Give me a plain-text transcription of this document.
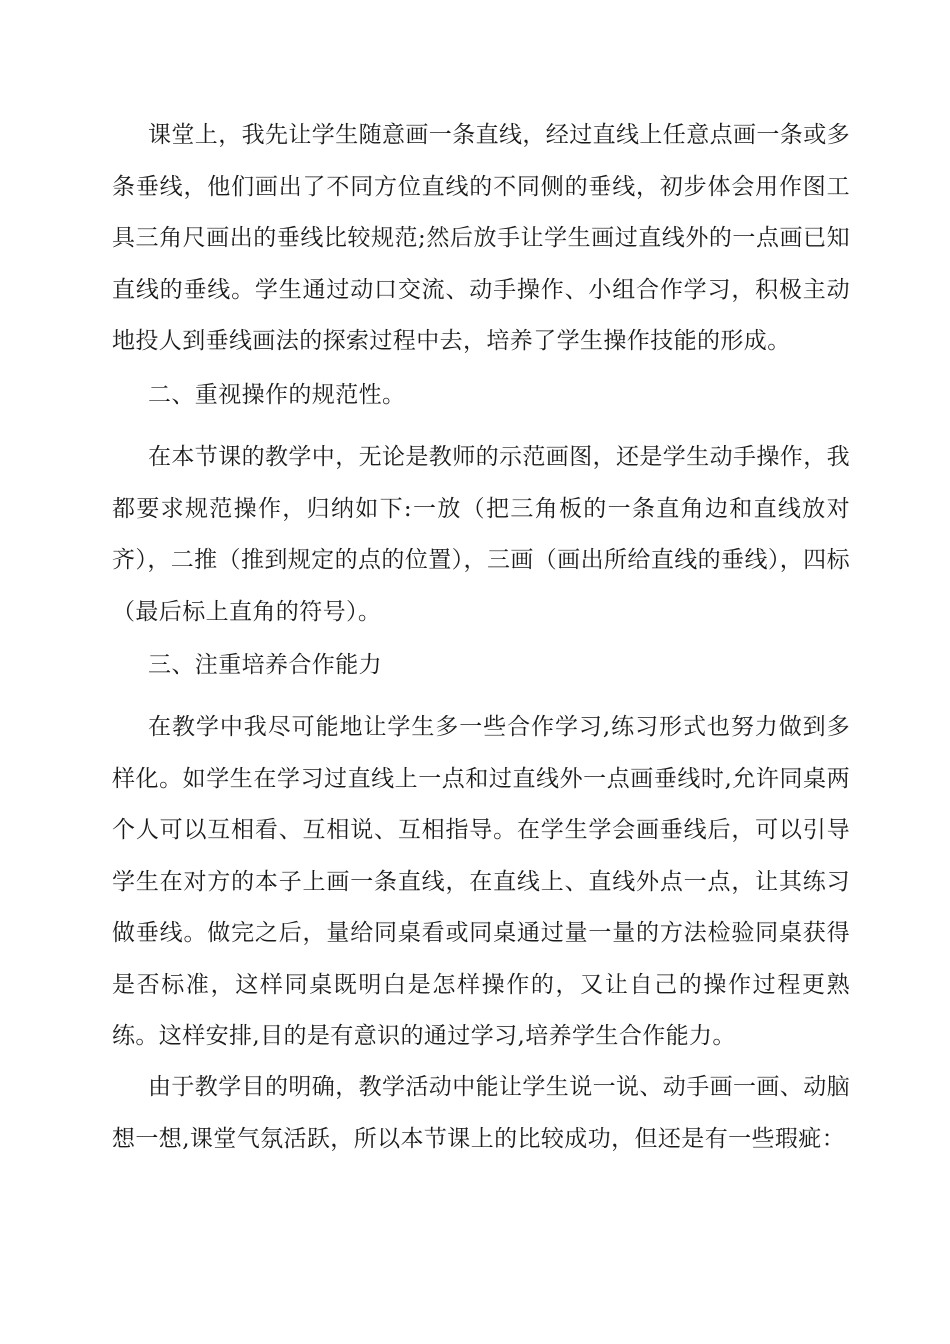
课堂上，我先让学生随意画一条直线，经过直线上任意点画一条或多条垂线，他们画出了不同方位直线的不同侧的垂线，初步体会用作图工具三角尺画出的垂线比较规范;然后放手让学生画过直线外的一点画已知直线的垂线。学生通过动口交流、动手操作、小组合作学习，积极主动地投人到垂线画法的探索过程中去，培养了学生操作技能的形成。

二、重视操作的规范性。

在本节课的教学中，无论是教师的示范画图，还是学生动手操作，我都要求规范操作，归纳如下:一放（把三角板的一条直角边和直线放对齐），二推（推到规定的点的位置），三画（画出所给直线的垂线），四标（最后标上直角的符号）。

三、注重培养合作能力

在教学中我尽可能地让学生多一些合作学习,练习形式也努力做到多样化。如学生在学习过直线上一点和过直线外一点画垂线时,允许同桌两个人可以互相看、互相说、互相指导。在学生学会画垂线后，可以引导学生在对方的本子上画一条直线，在直线上、直线外点一点，让其练习做垂线。做完之后，量给同桌看或同桌通过量一量的方法检验同桌获得是否标准，这样同桌既明白是怎样操作的，又让自己的操作过程更熟练。这样安排,目的是有意识的通过学习,培养学生合作能力。

由于教学目的明确，教学活动中能让学生说一说、动手画一画、动脑想一想,课堂气氛活跃，所以本节课上的比较成功，但还是有一些瑕疵：
